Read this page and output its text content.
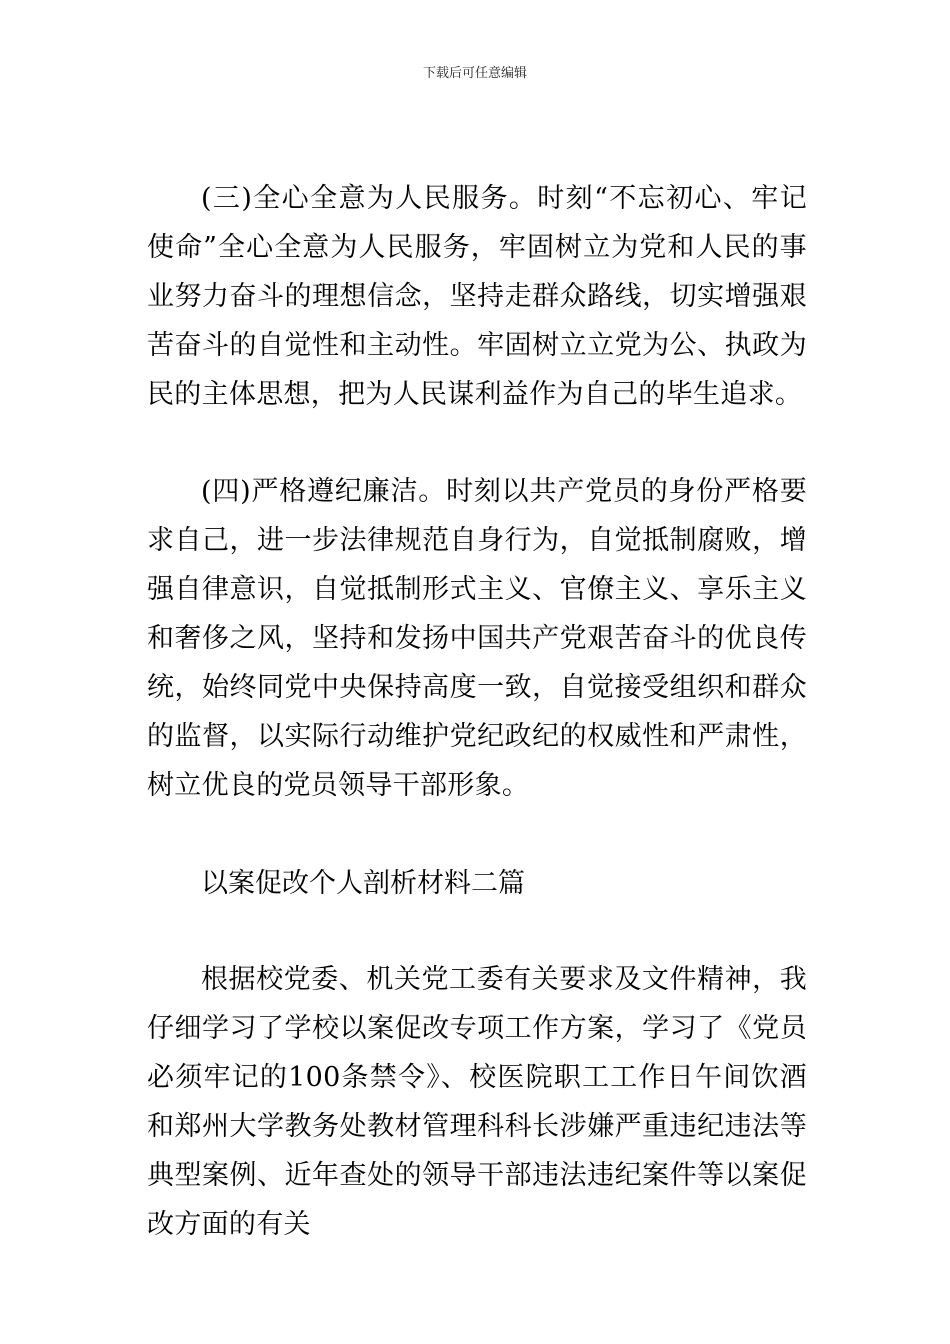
下载后可任意编辑

(三)全心全意为人民服务。时刻“不忘初心、牢记使命”全心全意为人民服务，牢固树立为党和人民的事业努力奋斗的理想信念，坚持走群众路线，切实增强艰苦奋斗的自觉性和主动性。牢固树立立党为公、执政为民的主体思想，把为人民谋利益作为自己的毕生追求。

(四)严格遵纪廉洁。时刻以共产党员的身份严格要求自己，进一步法律规范自身行为，自觉抵制腐败，增强自律意识，自觉抵制形式主义、官僚主义、享乐主义和奢侈之风，坚持和发扬中国共产党艰苦奋斗的优良传统，始终同党中央保持高度一致，自觉接受组织和群众的监督，以实际行动维护党纪政纪的权威性和严肃性，树立优良的党员领导干部形象。

以案促改个人剖析材料二篇

根据校党委、机关党工委有关要求及文件精神，我仔细学习了学校以案促改专项工作方案，学习了《党员必须牢记的100条禁令》、校医院职工工作日午间饮酒和郑州大学教务处教材管理科科长涉嫌严重违纪违法等典型案例、近年查处的领导干部违法违纪案件等以案促改方面的有关
